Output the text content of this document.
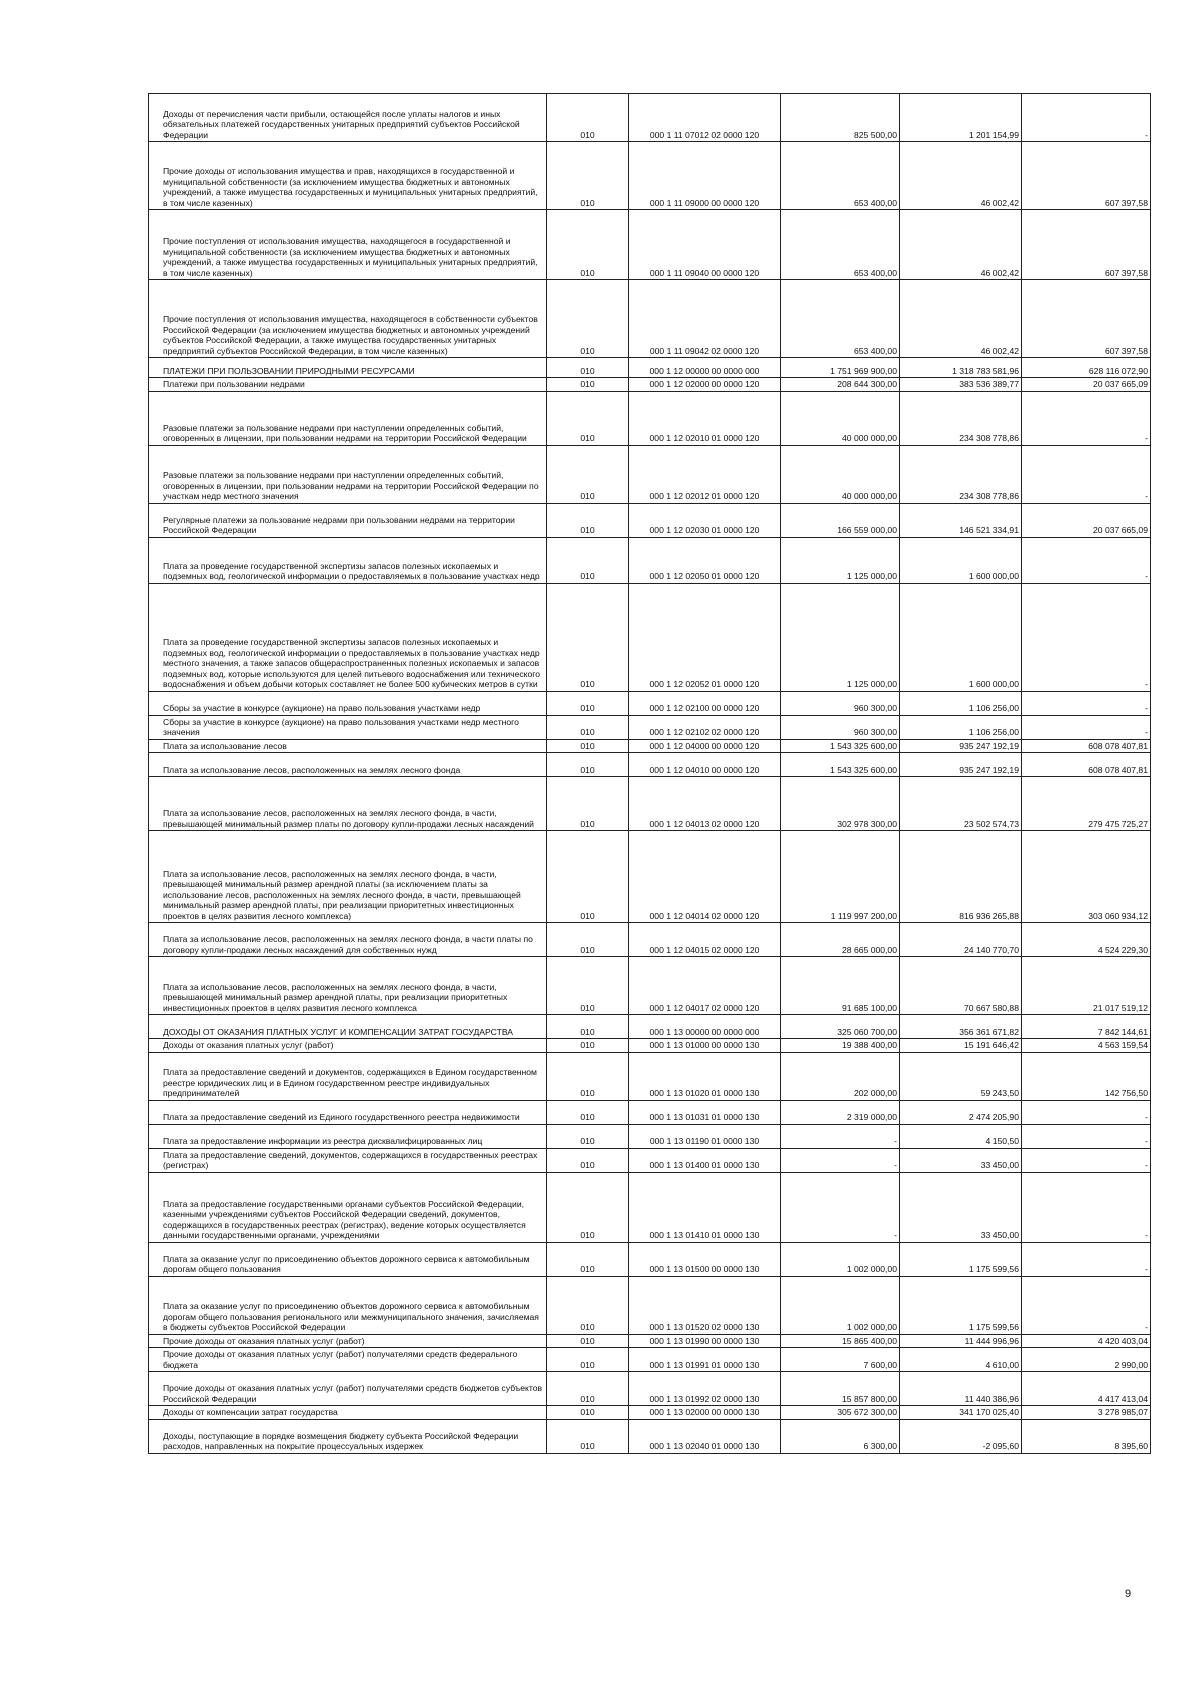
Доходы от перечисления части прибыли, остающейся после уплаты налогов и иных обязательных платежей государственных унитарных предприятий субъектов Российской Федерации	010	000 1 11 07012 02 0000 120	825 500,00	1 201 154,99	-
Прочие доходы от использования имущества и прав, находящихся в государственной и муниципальной собственности (за исключением имущества бюджетных и автономных учреждений, а также имущества государственных и муниципальных унитарных предприятий, в том числе казенных)	010	000 1 11 09000 00 0000 120	653 400,00	46 002,42	607 397,58
Прочие поступления от использования имущества, находящегося в государственной и муниципальной собственности (за исключением имущества бюджетных и автономных учреждений, а также имущества государственных и муниципальных унитарных предприятий, в том числе казенных)	010	000 1 11 09040 00 0000 120	653 400,00	46 002,42	607 397,58
Прочие поступления от использования имущества, находящегося в собственности субъектов Российской Федерации (за исключением имущества бюджетных и автономных учреждений субъектов Российской Федерации, а также имущества государственных унитарных предприятий субъектов Российской Федерации, в том числе казенных)	010	000 1 11 09042 02 0000 120	653 400,00	46 002,42	607 397,58
ПЛАТЕЖИ ПРИ ПОЛЬЗОВАНИИ ПРИРОДНЫМИ РЕСУРСАМИ	010	000 1 12 00000 00 0000 000	1 751 969 900,00	1 318 783 581,96	628 116 072,90
Платежи при пользовании недрами	010	000 1 12 02000 00 0000 120	208 644 300,00	383 536 389,77	20 037 665,09
Разовые платежи за пользование недрами при наступлении определенных событий, оговоренных в лицензии, при пользовании недрами на территории Российской Федерации	010	000 1 12 02010 01 0000 120	40 000 000,00	234 308 778,86	-
Разовые платежи за пользование недрами при наступлении определенных событий, оговоренных в лицензии, при пользовании недрами на территории Российской Федерации по участкам недр местного значения	010	000 1 12 02012 01 0000 120	40 000 000,00	234 308 778,86	-
Регулярные платежи за пользование недрами при пользовании недрами на территории Российской Федерации	010	000 1 12 02030 01 0000 120	166 559 000,00	146 521 334,91	20 037 665,09
Плата за проведение государственной экспертизы запасов полезных ископаемых и подземных вод, геологической информации о предоставляемых в пользование участках недр	010	000 1 12 02050 01 0000 120	1 125 000,00	1 600 000,00	-
Плата за проведение государственной экспертизы запасов полезных ископаемых и подземных вод, геологической информации о предоставляемых в пользование участках недр местного значения, а также запасов общераспространенных полезных ископаемых и запасов подземных вод, которые используются для целей питьевого водоснабжения или технического водоснабжения и объем добычи которых составляет не более 500 кубических метров в сутки	010	000 1 12 02052 01 0000 120	1 125 000,00	1 600 000,00	-
Сборы за участие в конкурсе (аукционе) на право пользования участками недр	010	000 1 12 02100 00 0000 120	960 300,00	1 106 256,00	-
Сборы за участие в конкурсе (аукционе) на право пользования участками недр местного значения	010	000 1 12 02102 02 0000 120	960 300,00	1 106 256,00	-
Плата за использование лесов	010	000 1 12 04000 00 0000 120	1 543 325 600,00	935 247 192,19	608 078 407,81
Плата за использование лесов, расположенных на землях лесного фонда	010	000 1 12 04010 00 0000 120	1 543 325 600,00	935 247 192,19	608 078 407,81
Плата за использование лесов, расположенных на землях лесного фонда, в части, превышающей минимальный размер платы по договору купли-продажи лесных насаждений	010	000 1 12 04013 02 0000 120	302 978 300,00	23 502 574,73	279 475 725,27
Плата за использование лесов, расположенных на землях лесного фонда, в части, превышающей минимальный размер арендной платы (за исключением платы за использование лесов, расположенных на землях лесного фонда, в части, превышающей минимальный размер арендной платы, при реализации приоритетных инвестиционных проектов в целях развития лесного комплекса)	010	000 1 12 04014 02 0000 120	1 119 997 200,00	816 936 265,88	303 060 934,12
Плата за использование лесов, расположенных на землях лесного фонда, в части платы по договору купли-продажи лесных насаждений для собственных нужд	010	000 1 12 04015 02 0000 120	28 665 000,00	24 140 770,70	4 524 229,30
Плата за использование лесов, расположенных на землях лесного фонда, в части, превышающей минимальный размер арендной платы, при реализации приоритетных инвестиционных проектов в целях развития лесного комплекса	010	000 1 12 04017 02 0000 120	91 685 100,00	70 667 580,88	21 017 519,12
ДОХОДЫ ОТ ОКАЗАНИЯ ПЛАТНЫХ УСЛУГ И КОМПЕНСАЦИИ ЗАТРАТ ГОСУДАРСТВА	010	000 1 13 00000 00 0000 000	325 060 700,00	356 361 671,82	7 842 144,61
Доходы от оказания платных услуг (работ)	010	000 1 13 01000 00 0000 130	19 388 400,00	15 191 646,42	4 563 159,54
Плата за предоставление сведений и документов, содержащихся в Едином государственном реестре юридических лиц и в Едином государственном реестре индивидуальных предпринимателей	010	000 1 13 01020 01 0000 130	202 000,00	59 243,50	142 756,50
Плата за предоставление сведений из Единого государственного реестра недвижимости	010	000 1 13 01031 01 0000 130	2 319 000,00	2 474 205,90	-
Плата за предоставление информации из реестра дисквалифицированных лиц	010	000 1 13 01190 01 0000 130	-	4 150,50	-
Плата за предоставление сведений, документов, содержащихся в государственных реестрах (регистрах)	010	000 1 13 01400 01 0000 130	-	33 450,00	-
Плата за предоставление государственными органами субъектов Российской Федерации, казенными учреждениями субъектов Российской Федерации сведений, документов, содержащихся в государственных реестрах (регистрах), ведение которых осуществляется данными государственными органами, учреждениями	010	000 1 13 01410 01 0000 130	-	33 450,00	-
Плата за оказание услуг по присоединению объектов дорожного сервиса к автомобильным дорогам общего пользования	010	000 1 13 01500 00 0000 130	1 002 000,00	1 175 599,56	-
Плата за оказание услуг по присоединению объектов дорожного сервиса к автомобильным дорогам общего пользования регионального или межмуниципального значения, зачисляемая в бюджеты субъектов Российской Федерации	010	000 1 13 01520 02 0000 130	1 002 000,00	1 175 599,56	-
Прочие доходы от оказания платных услуг (работ)	010	000 1 13 01990 00 0000 130	15 865 400,00	11 444 996,96	4 420 403,04
Прочие доходы от оказания платных услуг (работ) получателями средств федерального бюджета	010	000 1 13 01991 01 0000 130	7 600,00	4 610,00	2 990,00
Прочие доходы от оказания платных услуг (работ) получателями средств бюджетов субъектов Российской Федерации	010	000 1 13 01992 02 0000 130	15 857 800,00	11 440 386,96	4 417 413,04
Доходы от компенсации затрат государства	010	000 1 13 02000 00 0000 130	305 672 300,00	341 170 025,40	3 278 985,07
Доходы, поступающие в порядке возмещения бюджету субъекта Российской Федерации расходов, направленных на покрытие процессуальных издержек	010	000 1 13 02040 01 0000 130	6 300,00	-2 095,60	8 395,60
9
